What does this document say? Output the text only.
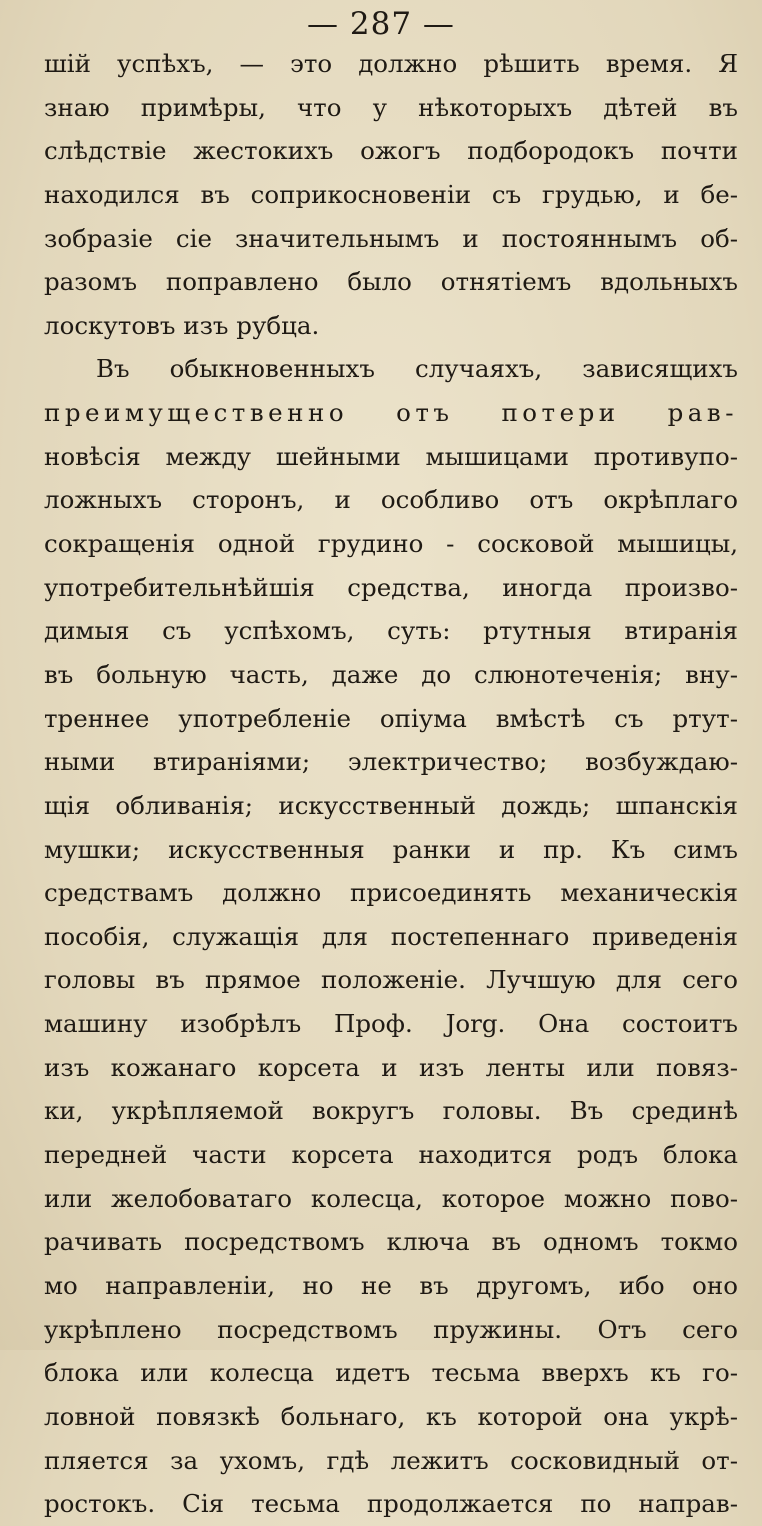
— 287 —
шій успѣхъ, — это должно рѣшить время. Я
знаю примѣры, что у нѣкоторыхъ дѣтей въ
слѣдствіе жестокихъ ожогъ подбородокъ почти
находился въ соприкосновеніи съ грудью, и бе-
зобразіе сіе значительнымъ и постояннымъ об-
разомъ поправлено было отнятіемъ вдольныхъ
лоскутовъ изъ рубца.
Въ обыкновенныхъ случаяхъ, зависящихъ
преимущественно отъ потери рав-
новѣсія между шейными мышицами противупо-
ложныхъ сторонъ, и особливо отъ окрѣплаго
сокращенія одной грудино - сосковой мышицы,
употребительнѣйшія средства, иногда произво-
димыя съ успѣхомъ, суть: ртутныя втиранія
въ больную часть, даже до слюнотеченія; вну-
треннее употребленіе опіума вмѣстѣ съ ртут-
ными втираніями; электричество; возбуждаю-
щія обливанія; искусственный дождь; шпанскія
мушки; искусственныя ранки и пр. Къ симъ
средствамъ должно присоединять механическія
пособія, служащія для постепеннаго приведенія
головы въ прямое положеніе. Лучшую для сего
машину изобрѣлъ Проф. Jorg. Она состоитъ
изъ кожанаго корсета и изъ ленты или повяз-
ки, укрѣпляемой вокругъ головы. Въ срединѣ
передней части корсета находится родъ блока
или желобоватаго колесца, которое можно пово-
рачивать посредствомъ ключа въ одномъ токмо
мо направленіи, но не въ другомъ, ибо оно
укрѣплено посредствомъ пружины. Отъ сего
блока или колесца идетъ тесьма вверхъ къ го-
ловной повязкѣ больнаго, къ которой она укрѣ-
пляется за ухомъ, гдѣ лежитъ сосковидный от-
ростокъ. Сія тесьма продолжается по направ-
